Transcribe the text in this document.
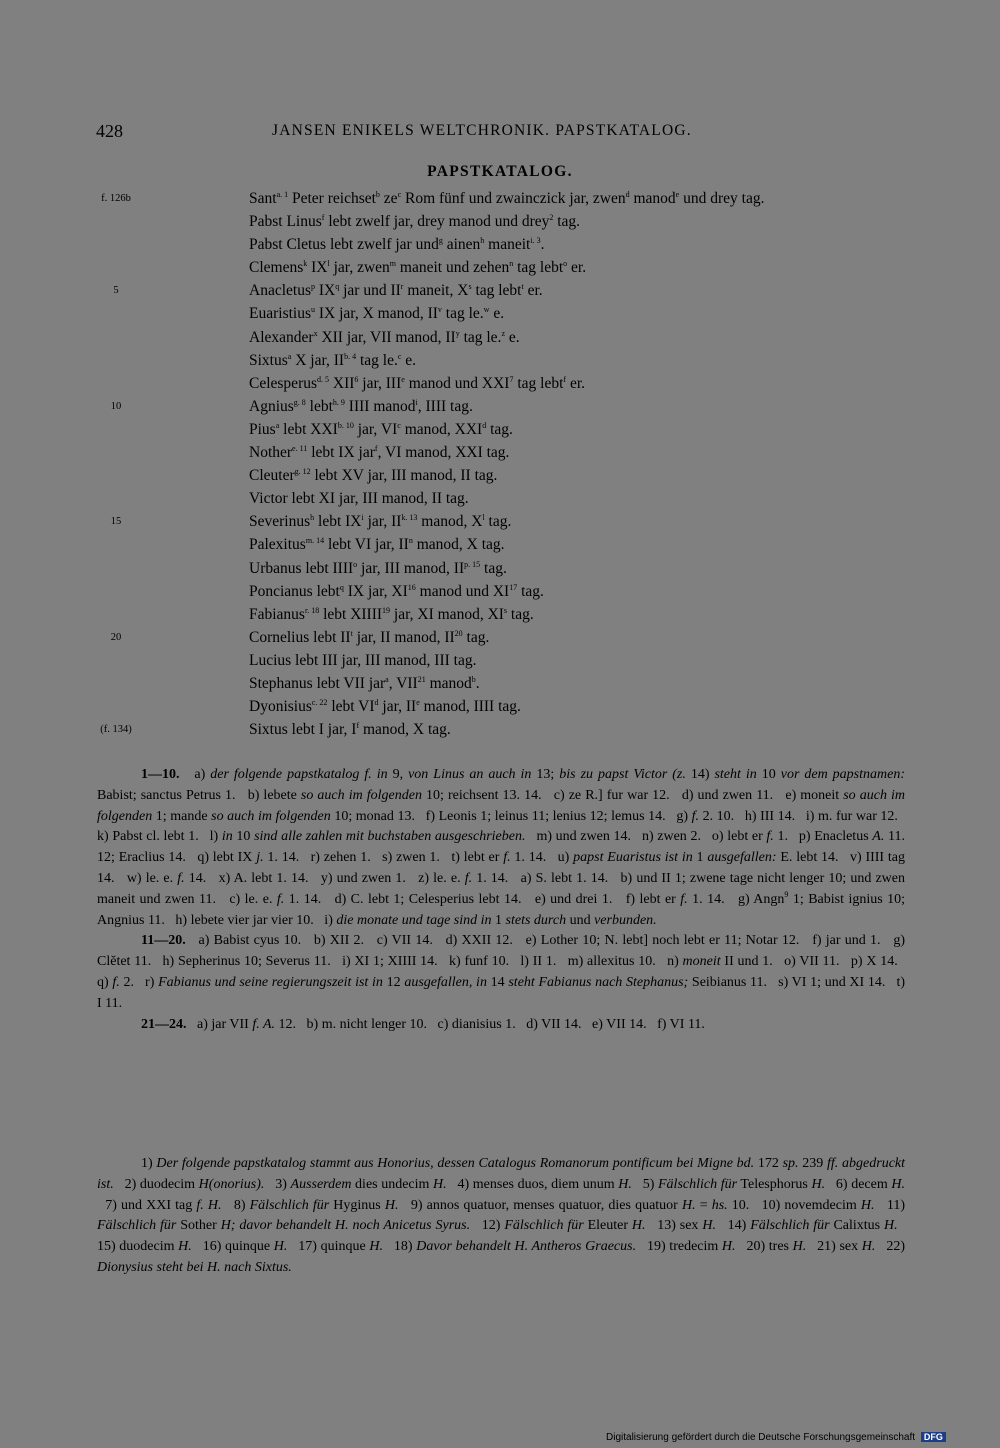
428	JANSEN ENIKELS WELTCHRONIK. PAPSTKATALOG.
PAPSTKATALOG.
f. 126b	Sant$^{a. 1}$ Peter reichset$^b$ $ze^c$ Rom fünf und zwainczick jar, zwen$^d$ manod$^e$ und drey tag.
Pabst Linus$^f$ lebt zwelf jar, drey manod und drey$^2$ tag.
Pabst Cletus lebt zwelf jar und$^g$ ainen$^h$ maneit$^{i. 3}$.
Clemens$^k$ $IX^l$ jar, zwen$^m$ maneit und zehen$^n$ tag lebt$^o$ er.
5	Anacletus$^p$ $IX^q$ jar und $II^r$ maneit, $X^s$ tag lebt$^t$ er.
Euaristius$^u$ IX jar, X manod, $II^v$ tag le.$^w$ e.
Alexander$^x$ XII jar, VII manod, $II^y$ tag le.$^z$ e.
Sixtus$^a$ X jar, $II^{b. 4}$ tag le.$^c$ e.
Celesperus$^{d. 5}$ XII$^6$ jar, IIIe manod und XXI$^7$ tag lebt$^f$ er.
10	Agnius$^{g. 8}$ lebt$^{h. 9}$ IIII manod$^i$, IIII tag.
Pius$^a$ lebt $XXI^{b. 10}$ jar, $VI^c$ manod, XXI$^d$ tag.
Nother$^{e. 11}$ lebt IX jar$^f$, VI manod, XXI tag.
Cleuter$^{g. 12}$ lebt XV jar, III manod, II tag.
Victor lebt XI jar, III manod, II tag.
15	Severinus$^h$ lebt $IX^i$ jar, $II^{k. 13}$ manod, $X^l$ tag.
Palexitus$^{m. 14}$ lebt VI jar, $II^n$ manod, X tag.
Urbanus lebt IIII$^o$ jar, III manod, $II^{p. 15}$ tag.
Poncianus lebt$^q$ IX jar, XI$^{16}$ manod und XI$^{17}$ tag.
Fabianus$^{r. 18}$ lebt XIIII$^{19}$ jar, XI manod, $XI^s$ tag.
20	Cornelius lebt $II^t$ jar, II manod, II$^{20}$ tag.
Lucius lebt III jar, III manod, III tag.
Stephanus lebt VII jar$^a$, VII$^{21}$ manod$^b$.
Dyonisius$^{c. 22}$ lebt $VI^d$ jar, IIe manod, IIII tag.
(f. 134)	Sixtus lebt I jar, $I^f$ manod, X tag.

1—10.   a) der folgende papstkatalog f. in 9, von Linus an auch in 13; bis zu papst Victor (z. 14) steht in 10 vor dem papstnamen: Babist; sanctus Petrus 1.   b) lebete so auch im folgenden 10; reichsent 13. 14.   c) ze R.] fur war 12.   d) und zwen 11.   e) moneit so auch im folgenden 1; mande so auch im folgenden 10; monad 13.   f) Leonis 1; leinus 11; lenius 12; lemus 14.   g) f. 2. 10.   h) III 14.   i) m. fur war 12.   k) Pabst cl. lebt 1.   l) in 10 sind alle zahlen mit buchstaben ausgeschrieben.   m) und zwen 14.   n) zwen 2.   o) lebt er f. 1.   p) Enacletus A. 11. 12; Eraclius 14.   q) lebt IX j. 1. 14.   r) zehen 1.   s) zwen 1.   t) lebt er f. 1. 14.   u) papst Euaristus ist in 1 ausgefallen: E. lebt 14.   v) IIII tag 14.   w) le. e. f. 14.   x) A. lebt 1. 14.   y) und zwen 1.   z) le. e. f. 1. 14.   a) S. lebt 1. 14.   b) und II 1; zwene tage nicht lenger 10; und zwen maneit und zwen 11.   c) le. e. f. 1. 14.   d) C. lebt 1; Celesperius lebt 14.   e) und drei 1.   f) lebt er f. 1. 14.   g) Angn$^9$ 1; Babist ignius 10; Angnius 11.   h) lebete vier jar vier 10.   i) die monate und tage sind in 1 stets durch und verbunden.

11—20.   a) Babist cyus 10.   b) XII 2.   c) VII 14.   d) XXII 12.   e) Lother 10; N. lebt] noch lebt er 11; Notar 12.   f) jar und 1.   g) Clĕtet 11.   h) Sepherinus 10; Severus 11.   i) XI 1; XIIII 14.   k) funf 10.   l) II 1.   m) allexitus 10.   n) moneit II und 1.   o) VII 11.   p) X 14.   q) f. 2.   r) Fabianus und seine regierungszeit ist in 12 ausgefallen, in 14 steht Fabianus nach Stephanus; Seibianus 11.   s) VI 1; und XI 14.   t) I 11.

21—24.   a) jar VII f. A. 12.   b) m. nicht lenger 10.   c) dianisius 1.   d) VII 14.   e) VII 14.   f) VI 11.

1) Der folgende papstkatalog stammt aus Honorius, dessen Catalogus Romanorum pontificum bei Migne bd. 172 sp. 239 ff. abgedruckt ist.   2) duodecim H(onorius).   3) Ausserdem dies undecim H.   4) menses duos, diem unum H.   5) Fälschlich für Telesphorus H.   6) decem H.   7) und XXI tag f. H.   8) Fälschlich für Hyginus H.   9) annos quatuor, menses quatuor, dies quatuor H. = hs. 10.   10) novemdecim H.   11) Fälschlich für Sother H; davor behandelt H. noch Anicetus Syrus.   12) Fälschlich für Eleuter H.   13) sex H.   14) Fälschlich für Calixtus H.   15) duodecim H.   16) quinque H.   17) quinque H.   18) Davor behandelt H. Antheros Graecus.   19) tredecim H.   20) tres H.   21) sex H.   22) Dionysius steht bei H. nach Sixtus.

Digitalisierung gefördert durch die Deutsche Forschungsgemeinschaft DFG
